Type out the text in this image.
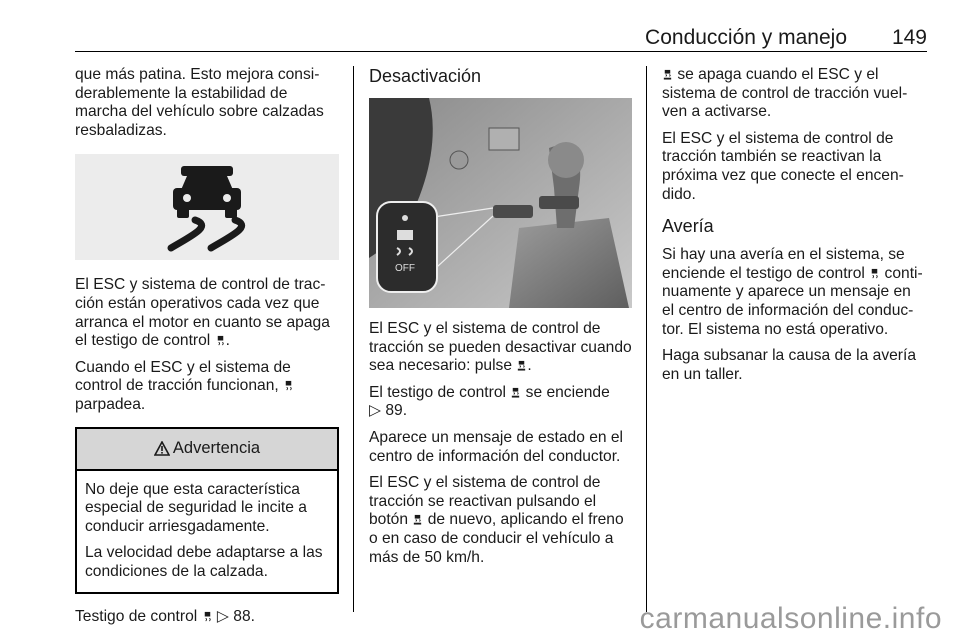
Conducción y manejo 149

que más patina. Esto mejora consi- derablemente la estabilidad de marcha del vehículo sobre calzadas resbaladizas.

El ESC y sistema de control de trac- ción están operativos cada vez que arranca el motor en cuanto se apaga el testigo de control .

Cuando el ESC y el sistema de control de tracción funcionan,  parpadea.

Advertencia

No deje que esta característica especial de seguridad le incite a conducir arriesgadamente.

La velocidad debe adaptarse a las condiciones de la calzada.

Testigo de control ▷ 88.

Desactivación
OFF

El ESC y el sistema de control de tracción se pueden desactivar cuando sea necesario: pulse .

El testigo de control se enciende
▷ 89.

Aparece un mensaje de estado en el centro de información del conductor.

El ESC y el sistema de control de tracción se reactivan pulsando el botón de nuevo, aplicando el freno o en caso de conducir el vehículo a más de 50 km/h.

se apaga cuando el ESC y el sistema de control de tracción vuel- ven a activarse.

El ESC y el sistema de control de tracción también se reactivan la próxima vez que conecte el encen- dido.

Avería

Si hay una avería en el sistema, se enciende el testigo de control conti- nuamente y aparece un mensaje en el centro de información del conduc- tor. El sistema no está operativo.

Haga subsanar la causa de la avería en un taller.

carmanualsonline.info
